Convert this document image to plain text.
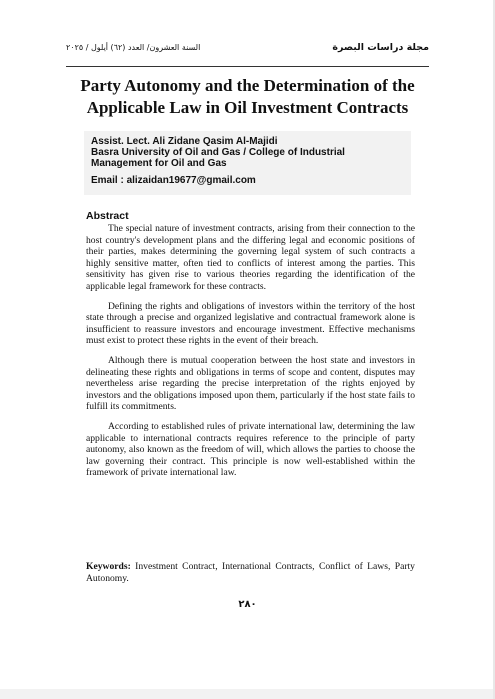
مجلة دراسات البصرة
السنة العشرون/ العدد (٦٢) أيلول / ٢٠٢٥
Party Autonomy and the Determination of the Applicable Law in Oil Investment Contracts
Assist. Lect. Ali Zidane Qasim Al-Majidi
Basra University of Oil and Gas / College of Industrial
Management for Oil and Gas
Email : alizaidan19677@gmail.com
Abstract

The special nature of investment contracts, arising from their connection to the host country's development plans and the differing legal and economic positions of their parties, makes determining the governing legal system of such contracts a highly sensitive matter, often tied to conflicts of interest among the parties. This sensitivity has given rise to various theories regarding the identification of the applicable legal framework for these contracts.

Defining the rights and obligations of investors within the territory of the host state through a precise and organized legislative and contractual framework alone is insufficient to reassure investors and encourage investment. Effective mechanisms must exist to protect these rights in the event of their breach.

Although there is mutual cooperation between the host state and investors in delineating these rights and obligations in terms of scope and content, disputes may nevertheless arise regarding the precise interpretation of the rights enjoyed by investors and the obligations imposed upon them, particularly if the host state fails to fulfill its commitments.

According to established rules of private international law, determining the law applicable to international contracts requires reference to the principle of party autonomy, also known as the freedom of will, which allows the parties to choose the law governing their contract. This principle is now well-established within the framework of private international law.

Keywords: Investment Contract, International Contracts, Conflict of Laws, Party Autonomy.
٢٨٠
